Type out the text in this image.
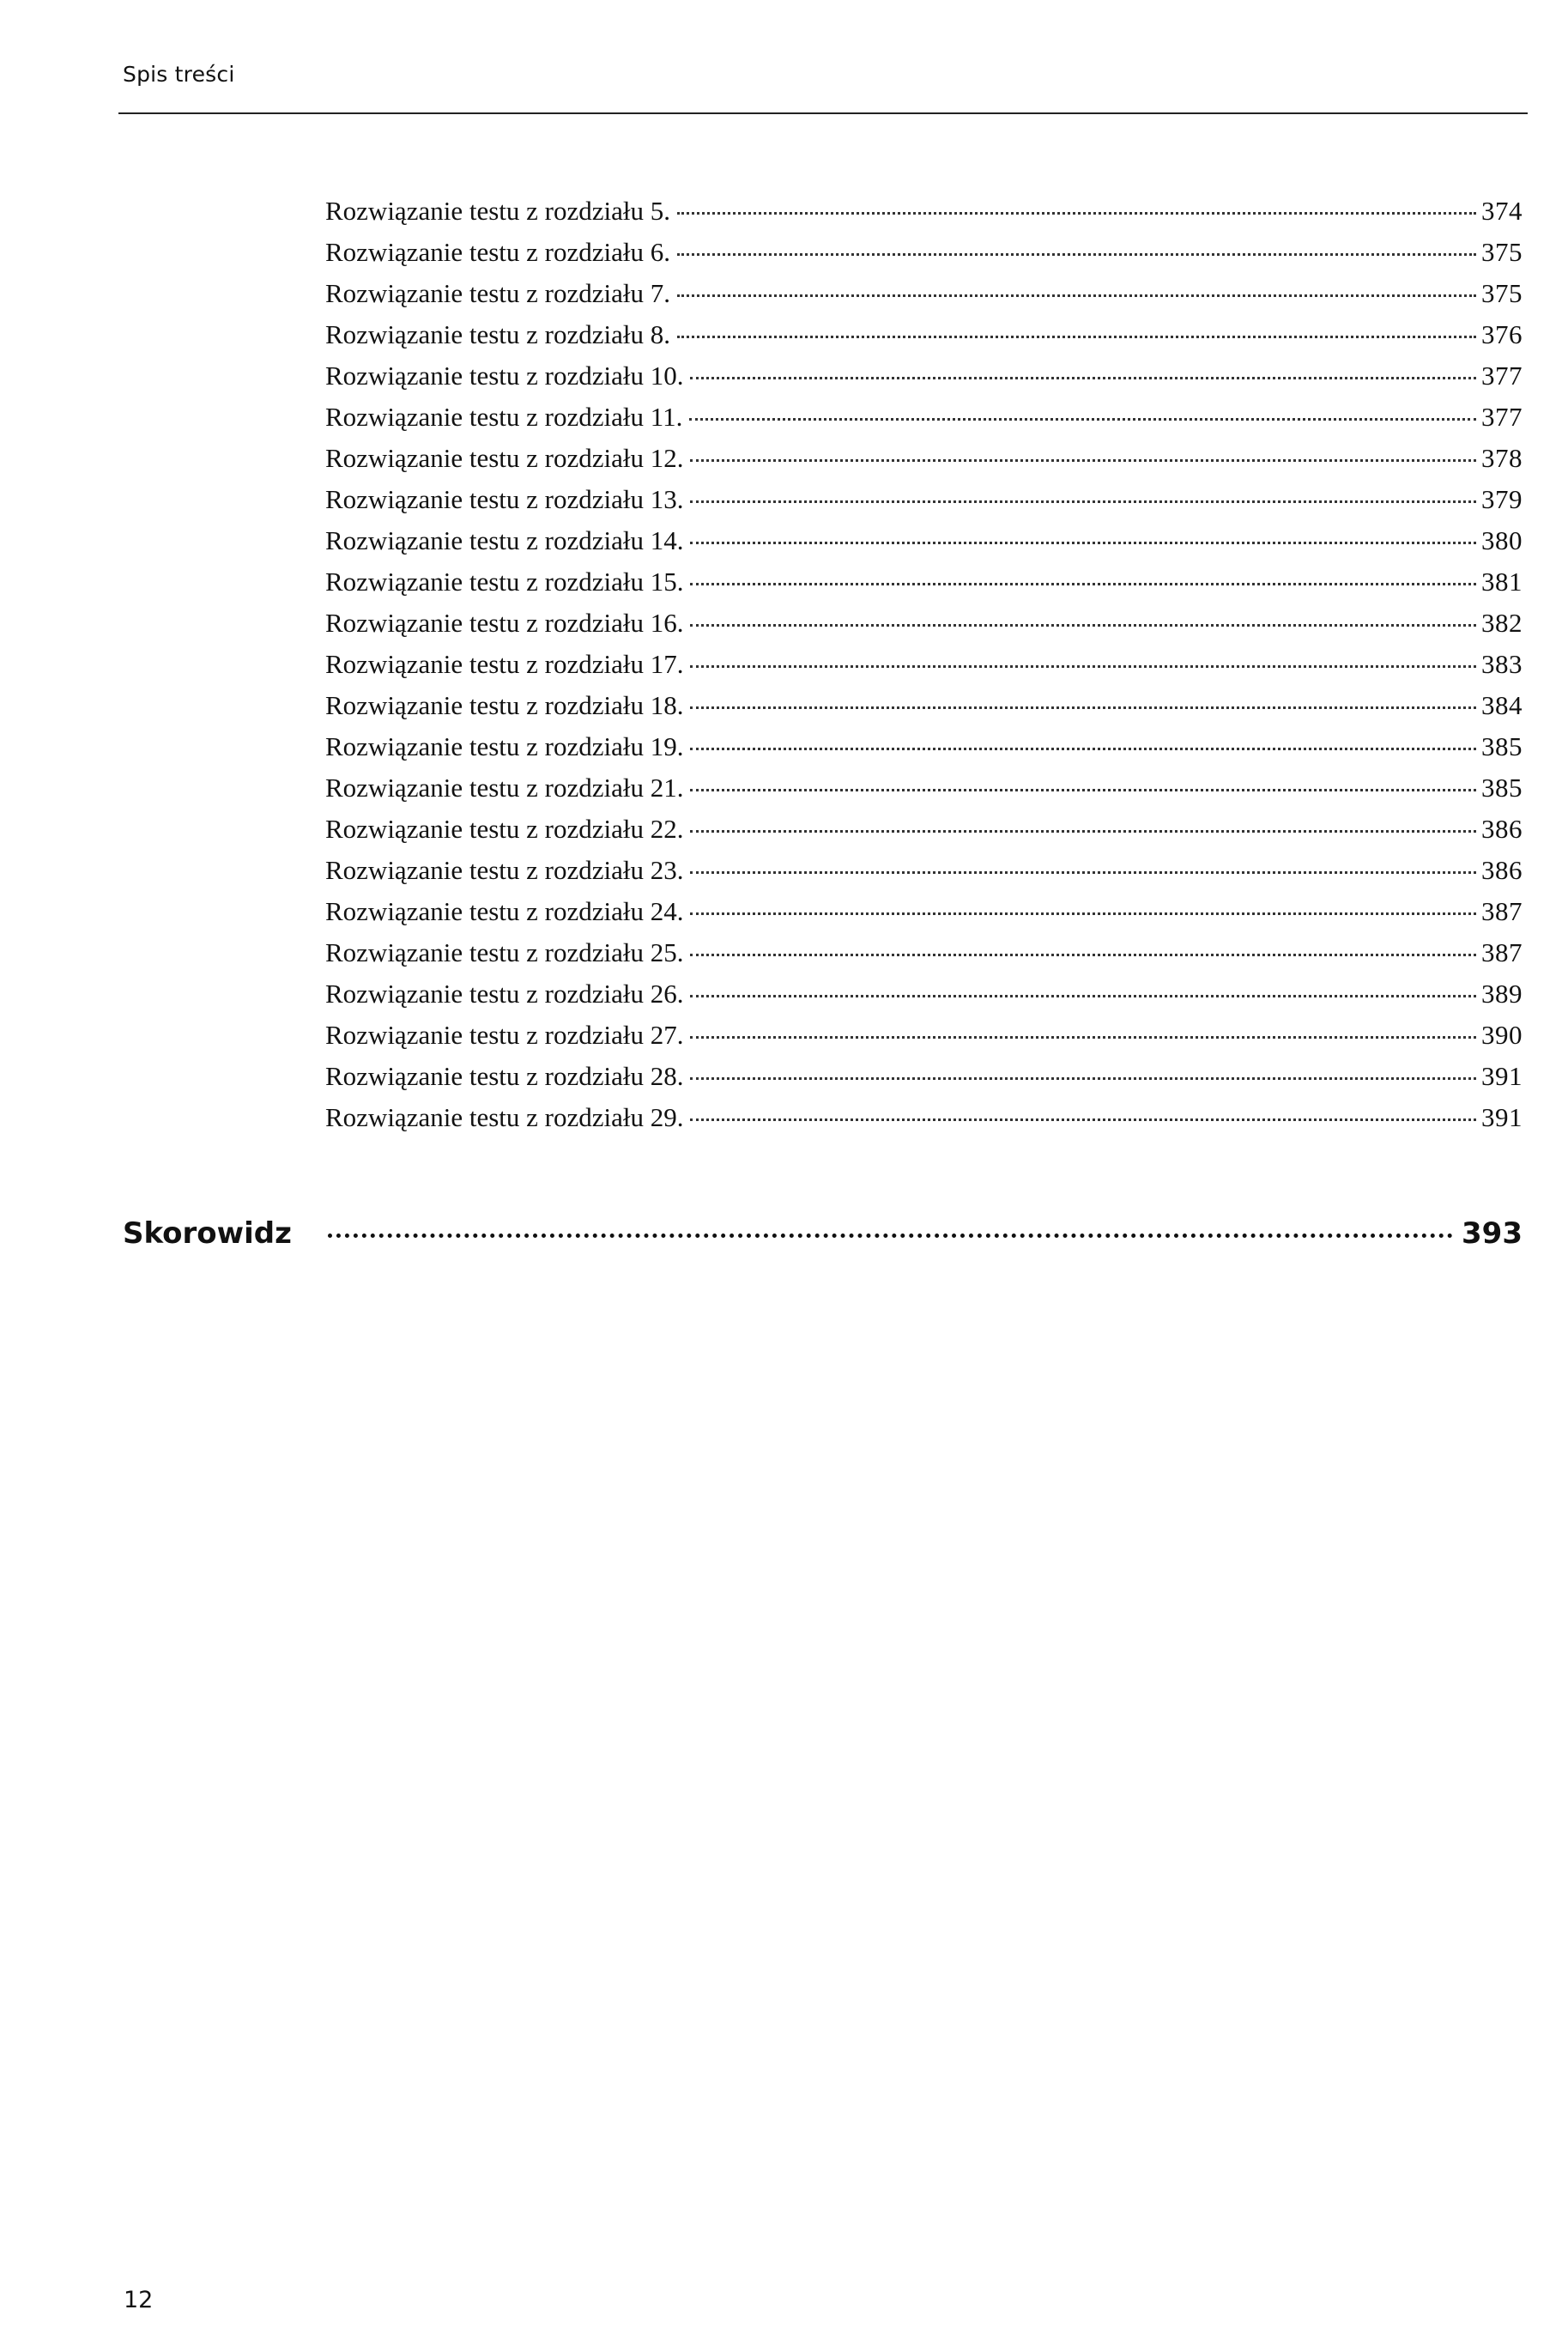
Spis treści
Rozwiązanie testu z rozdziału 5.	374
Rozwiązanie testu z rozdziału 6.	375
Rozwiązanie testu z rozdziału 7.	375
Rozwiązanie testu z rozdziału 8.	376
Rozwiązanie testu z rozdziału 10.	377
Rozwiązanie testu z rozdziału 11.	377
Rozwiązanie testu z rozdziału 12.	378
Rozwiązanie testu z rozdziału 13.	379
Rozwiązanie testu z rozdziału 14.	380
Rozwiązanie testu z rozdziału 15.	381
Rozwiązanie testu z rozdziału 16.	382
Rozwiązanie testu z rozdziału 17.	383
Rozwiązanie testu z rozdziału 18.	384
Rozwiązanie testu z rozdziału 19.	385
Rozwiązanie testu z rozdziału 21.	385
Rozwiązanie testu z rozdziału 22.	386
Rozwiązanie testu z rozdziału 23.	386
Rozwiązanie testu z rozdziału 24.	387
Rozwiązanie testu z rozdziału 25.	387
Rozwiązanie testu z rozdziału 26.	389
Rozwiązanie testu z rozdziału 27.	390
Rozwiązanie testu z rozdziału 28.	391
Rozwiązanie testu z rozdziału 29.	391
Skorowidz	393
12
